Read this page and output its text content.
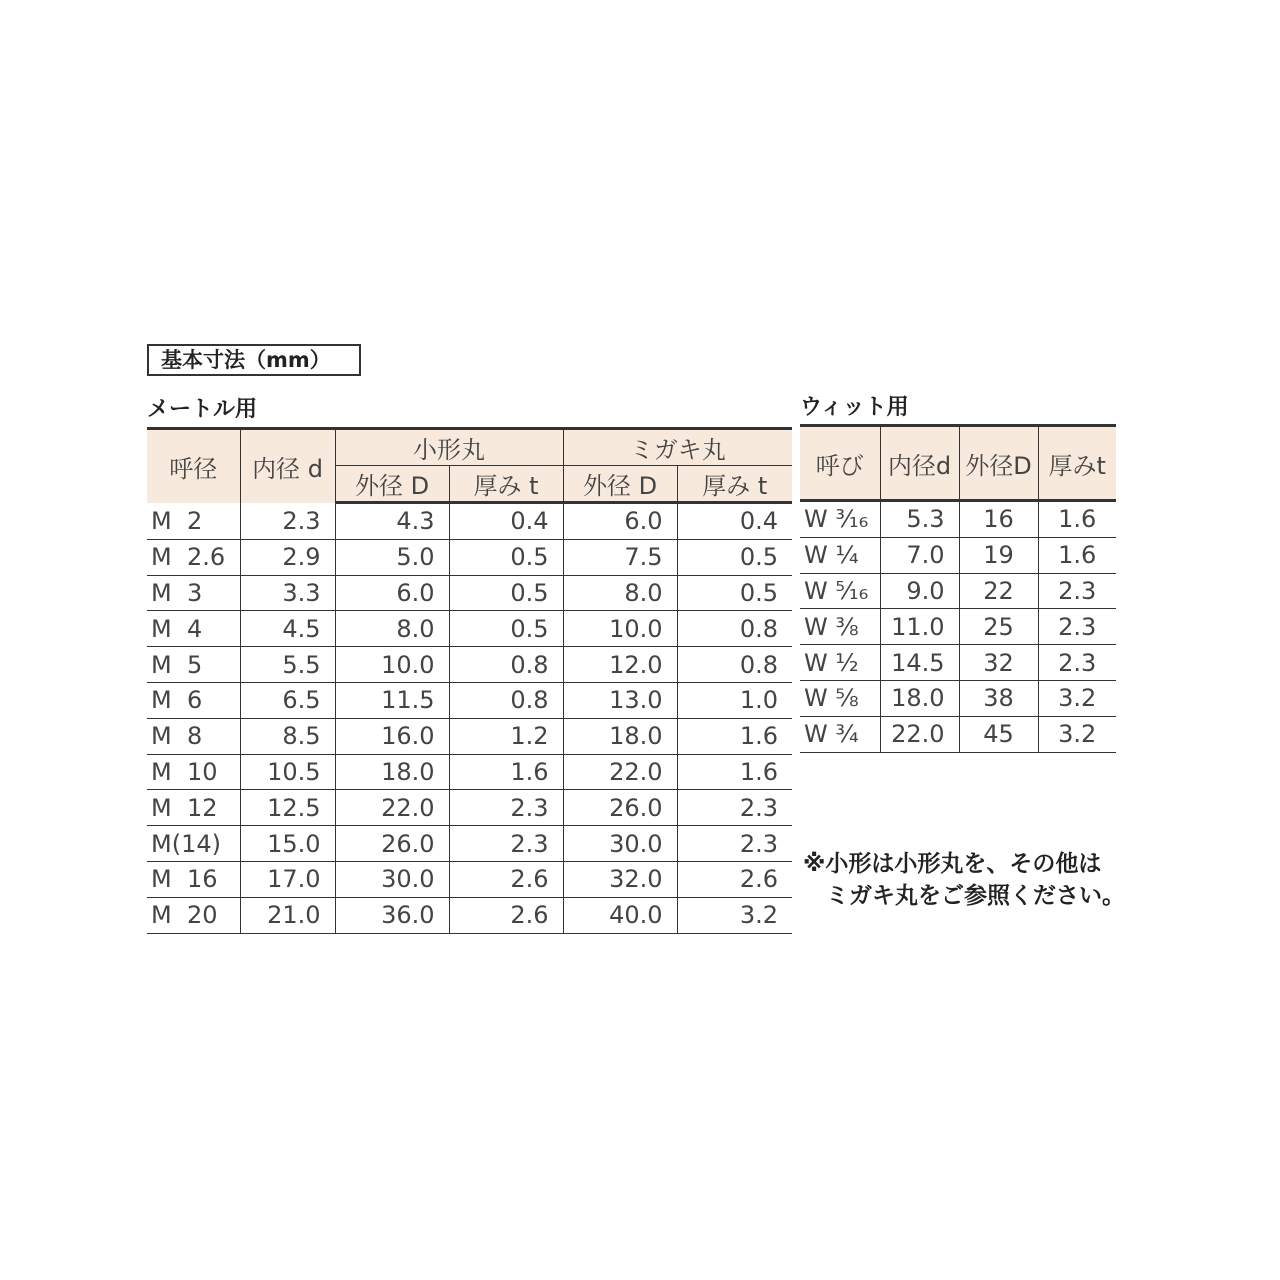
基本寸法（mm）
メートル用	ウィット用
呼径	内径 d	小形丸		ミガキ丸	
		外径 D	厚み t	外径 D	厚み t
M  2	2.3	4.3	0.4	6.0	0.4
M  2.6	2.9	5.0	0.5	7.5	0.5
M  3	3.3	6.0	0.5	8.0	0.5
M  4	4.5	8.0	0.5	10.0	0.8
M  5	5.5	10.0	0.8	12.0	0.8
M  6	6.5	11.5	0.8	13.0	1.0
M  8	8.5	16.0	1.2	18.0	1.6
M  10	10.5	18.0	1.6	22.0	1.6
M  12	12.5	22.0	2.3	26.0	2.3
M(14)	15.0	26.0	2.3	30.0	2.3
M  16	17.0	30.0	2.6	32.0	2.6
M  20	21.0	36.0	2.6	40.0	3.2
呼び	内径d	外径D	厚みt
W ³⁄₁₆	5.3	16	1.6
W ¼	7.0	19	1.6
W ⁵⁄₁₆	9.0	22	2.3
W ⅜	11.0	25	2.3
W ½	14.5	32	2.3
W ⅝	18.0	38	3.2
W ¾	22.0	45	3.2
※小形は小形丸を、その他は
ミガキ丸をご参照ください。
